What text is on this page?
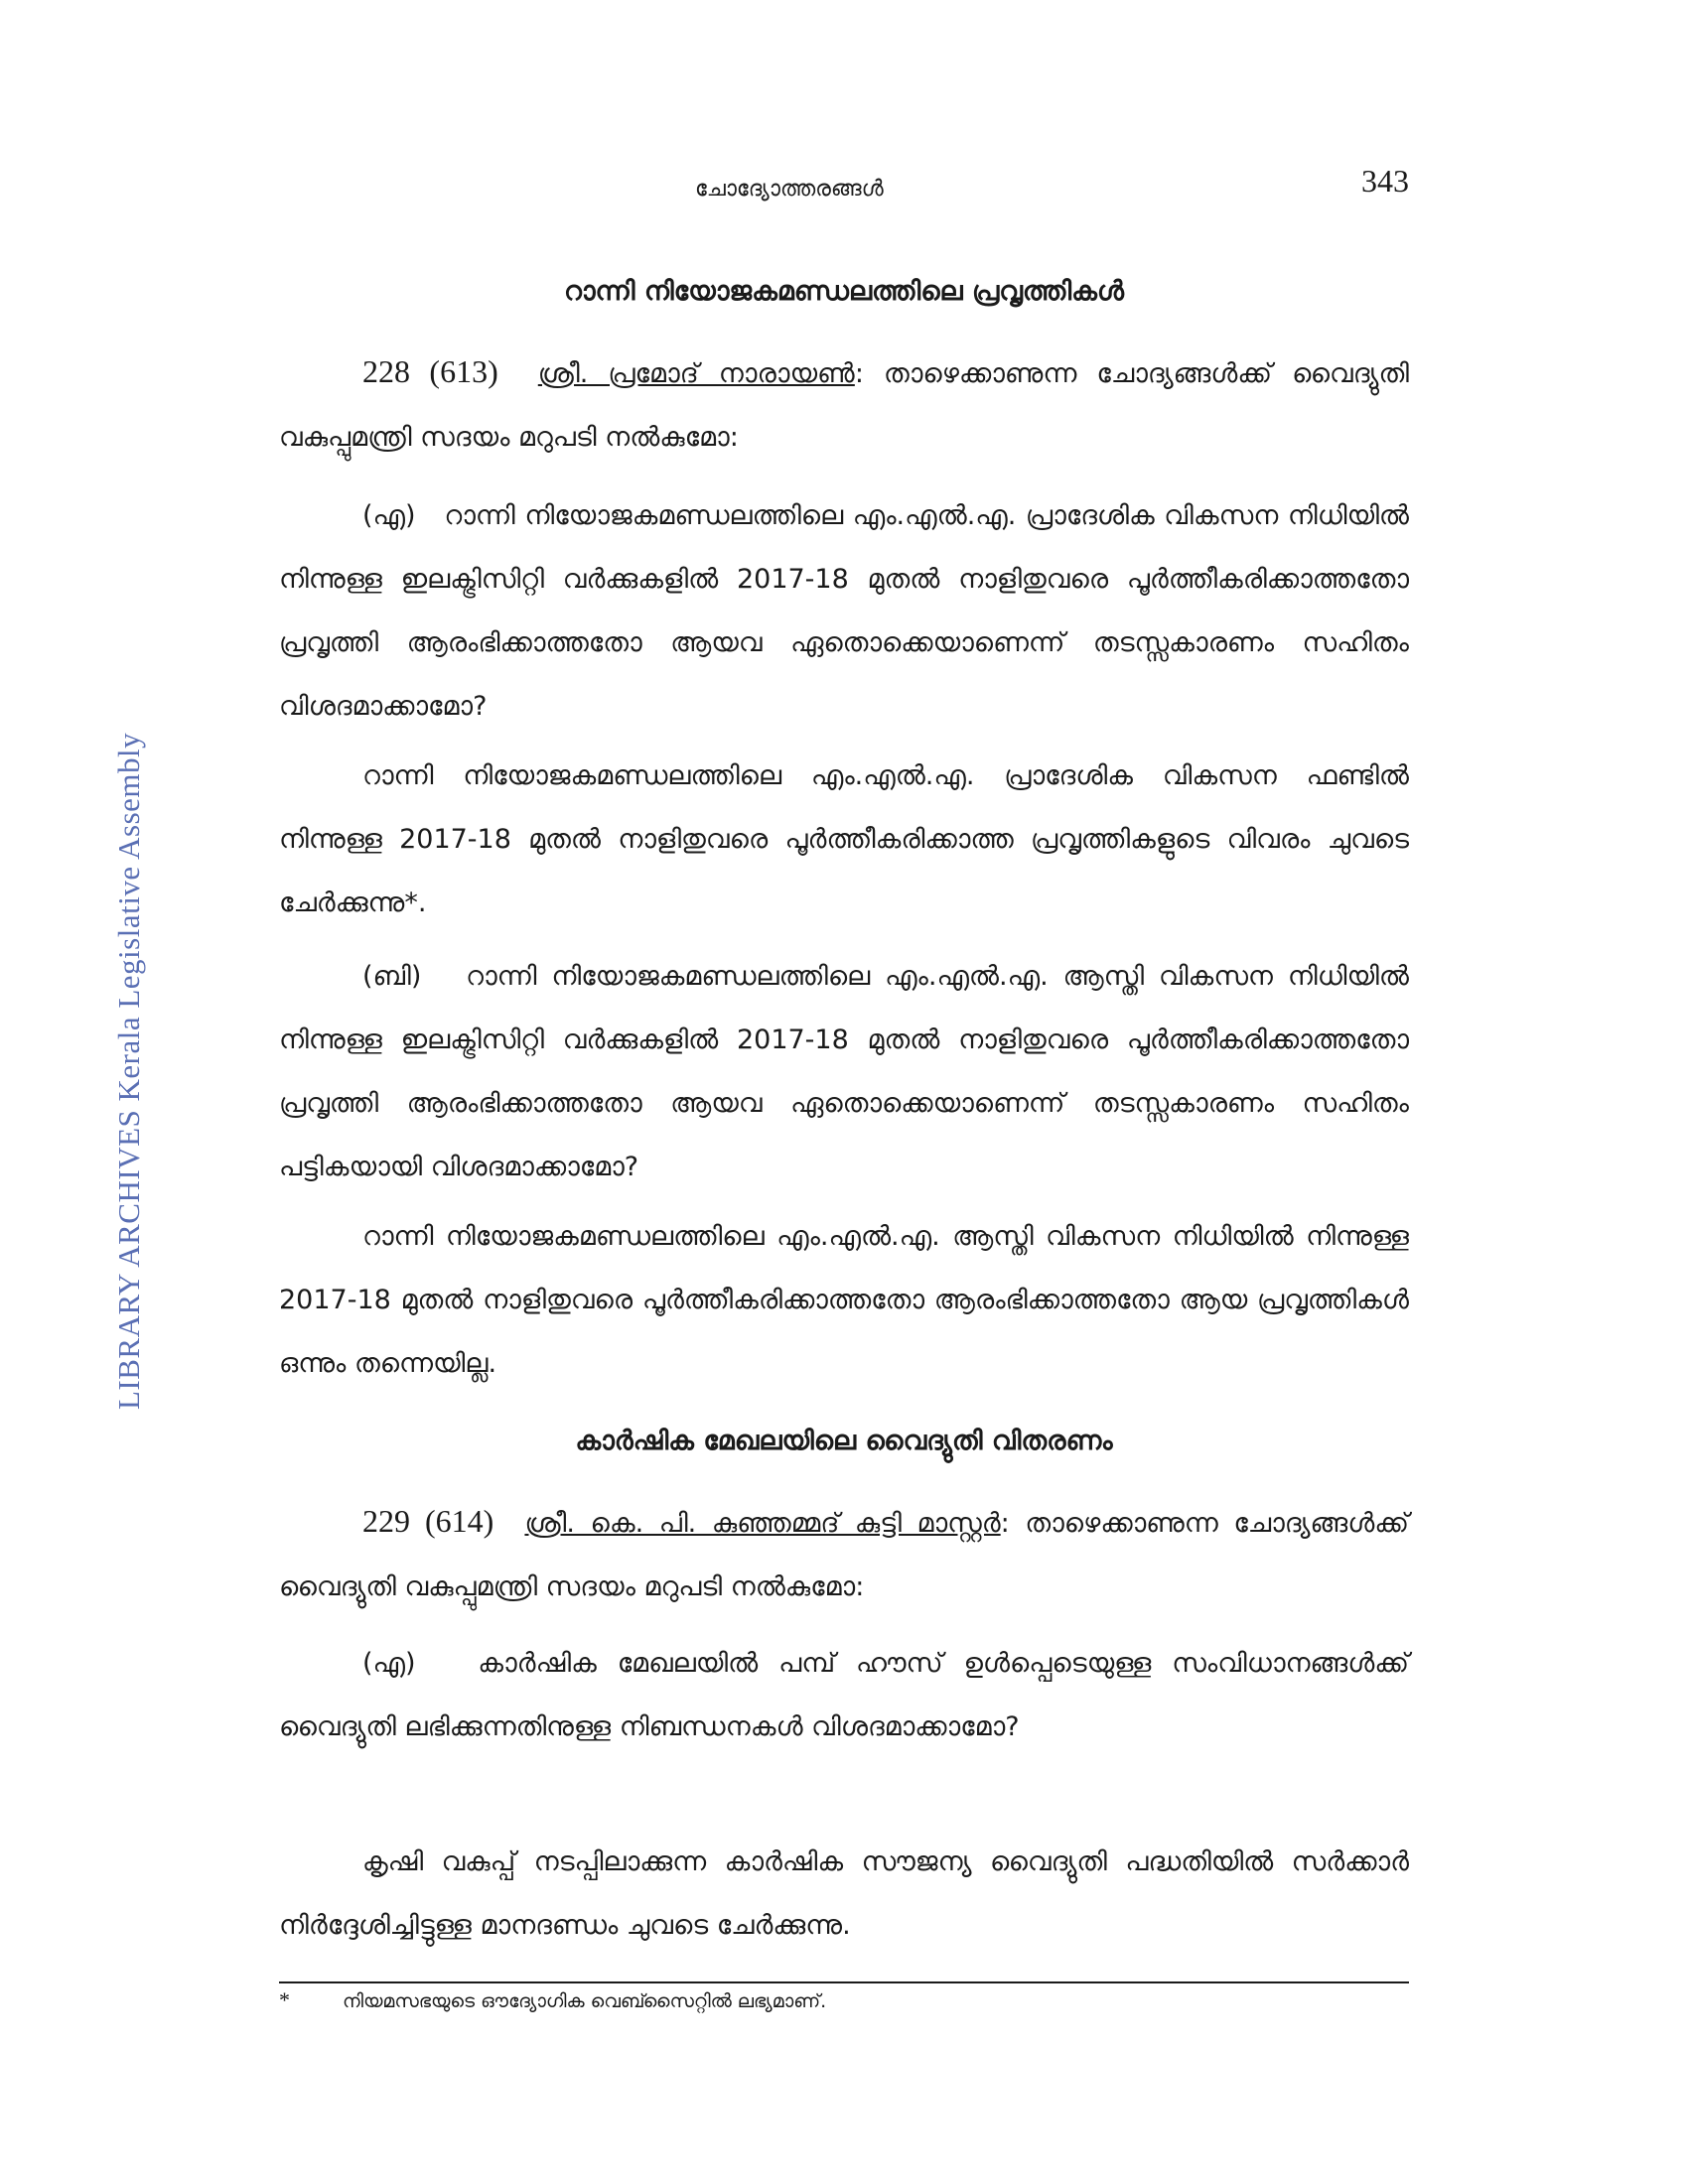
LIBRARY ARCHIVES Kerala Legislative Assembly
ചോദ്യോത്തരങ്ങൾ	343
റാന്നി നിയോജകമണ്ഡലത്തിലെ പ്രവൃത്തികൾ
228 (613) ശ്രീ. പ്രമോദ് നാരായൺ: താഴെക്കാണുന്ന ചോദ്യങ്ങൾക്ക് വൈദ്യുതി വകുപ്പുമന്ത്രി സദയം മറുപടി നൽകുമോ:
(എ) റാന്നി നിയോജകമണ്ഡലത്തിലെ എം.എൽ.എ. പ്രാദേശിക വികസന നിധിയിൽ നിന്നുള്ള ഇലക്ട്രിസിറ്റി വർക്കുകളിൽ 2017-18 മുതൽ നാളിതുവരെ പൂർത്തീകരിക്കാത്തതോ പ്രവൃത്തി ആരംഭിക്കാത്തതോ ആയവ ഏതൊക്കെയാണെന്ന് തടസ്സകാരണം സഹിതം വിശദമാക്കാമോ?
റാന്നി നിയോജകമണ്ഡലത്തിലെ എം.എൽ.എ. പ്രാദേശിക വികസന ഫണ്ടിൽ നിന്നുള്ള 2017-18 മുതൽ നാളിതുവരെ പൂർത്തീകരിക്കാത്ത പ്രവൃത്തികളുടെ വിവരം ചുവടെ ചേർക്കുന്നു*.
(ബി) റാന്നി നിയോജകമണ്ഡലത്തിലെ എം.എൽ.എ. ആസ്തി വികസന നിധിയിൽ നിന്നുള്ള ഇലക്ട്രിസിറ്റി വർക്കുകളിൽ 2017-18 മുതൽ നാളിതുവരെ പൂർത്തീകരിക്കാത്തതോ പ്രവൃത്തി ആരംഭിക്കാത്തതോ ആയവ ഏതൊക്കെയാണെന്ന് തടസ്സകാരണം സഹിതം പട്ടികയായി വിശദമാക്കാമോ?
റാന്നി നിയോജകമണ്ഡലത്തിലെ എം.എൽ.എ. ആസ്തി വികസന നിധിയിൽ നിന്നുള്ള 2017-18 മുതൽ നാളിതുവരെ പൂർത്തീകരിക്കാത്തതോ ആരംഭിക്കാത്തതോ ആയ പ്രവൃത്തികൾ ഒന്നും തന്നെയില്ല.
കാർഷിക മേഖലയിലെ വൈദ്യുതി വിതരണം
229 (614) ശ്രീ. കെ. പി. കുഞ്ഞമ്മദ് കുട്ടി മാസ്റ്റർ: താഴെക്കാണുന്ന ചോദ്യങ്ങൾക്ക് വൈദ്യുതി വകുപ്പുമന്ത്രി സദയം മറുപടി നൽകുമോ:
(എ) കാർഷിക മേഖലയിൽ പമ്പ് ഹൗസ് ഉൾപ്പെടെയുള്ള സംവിധാനങ്ങൾക്ക് വൈദ്യുതി ലഭിക്കുന്നതിനുള്ള നിബന്ധനകൾ വിശദമാക്കാമോ?
കൃഷി വകുപ്പ് നടപ്പിലാക്കുന്ന കാർഷിക സൗജന്യ വൈദ്യുതി പദ്ധതിയിൽ സർക്കാർ നിർദ്ദേശിച്ചിട്ടുള്ള മാനദണ്ഡം ചുവടെ ചേർക്കുന്നു.
*	നിയമസഭയുടെ ഔദ്യോഗിക വെബ്സൈറ്റിൽ ലഭ്യമാണ്.
